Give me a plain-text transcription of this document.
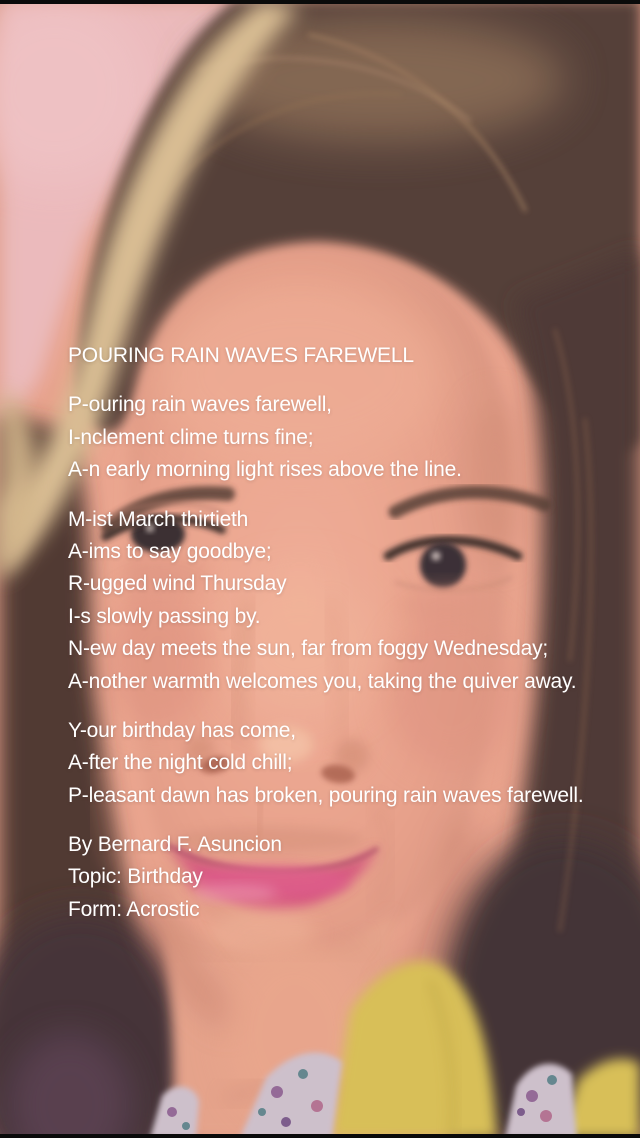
POURING RAIN WAVES FAREWELL
P-ouring rain waves farewell,
I-nclement clime turns fine;
A-n early morning light rises above the line.
M-ist March thirtieth
A-ims to say goodbye;
R-ugged wind Thursday
I-s slowly passing by.
N-ew day meets the sun, far from foggy Wednesday;
A-nother warmth welcomes you, taking the quiver away.
Y-our birthday has come,
A-fter the night cold chill;
P-leasant dawn has broken, pouring rain waves farewell.
By Bernard F. Asuncion
Topic: Birthday
Form: Acrostic
